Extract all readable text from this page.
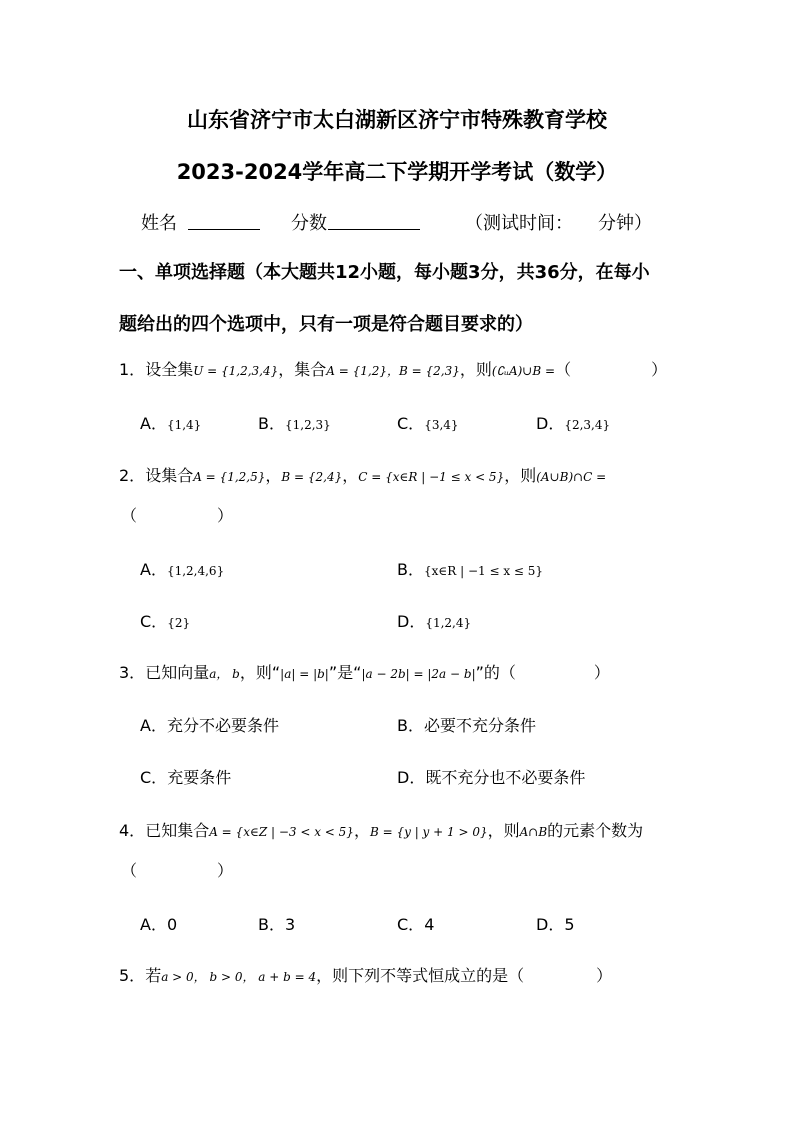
山东省济宁市太白湖新区济宁市特殊教育学校
2023-2024学年高二下学期开学考试（数学）
姓名	分数	（测试时间： 分钟）
一、单项选择题（本大题共12小题，每小题3分，共36分，在每小
题给出的四个选项中，只有一项是符合题目要求的）
1．设全集U = {1,2,3,4}，集合A = {1,2}，B = {2,3}，则(∁ᵤA)∪B =（　　　　　）
A．{1,4}	B．{1,2,3}	C．{3,4}	D．{2,3,4}
2．设集合A = {1,2,5}，B = {2,4}，C = {x∈R | −1 ≤ x < 5}，则(A∪B)∩C =
（　　　　　）
A．{1,2,4,6}	B．{x∈R | −1 ≤ x ≤ 5}
C．{2}	D．{1,2,4}
3．已知向量a， b，则“|a| = |b|”是“|a − 2b| = |2a − b|”的（	）
A．充分不必要条件	B．必要不充分条件
C．充要条件	D．既不充分也不必要条件
4．已知集合A = {x∈Z | −3 < x < 5}，B = {y | y + 1 > 0}，则A∩B的元素个数为
（　　　　　）
A．0	B．3	C．4	D．5
5．若a > 0， b > 0， a + b = 4，则下列不等式恒成立的是（	）
